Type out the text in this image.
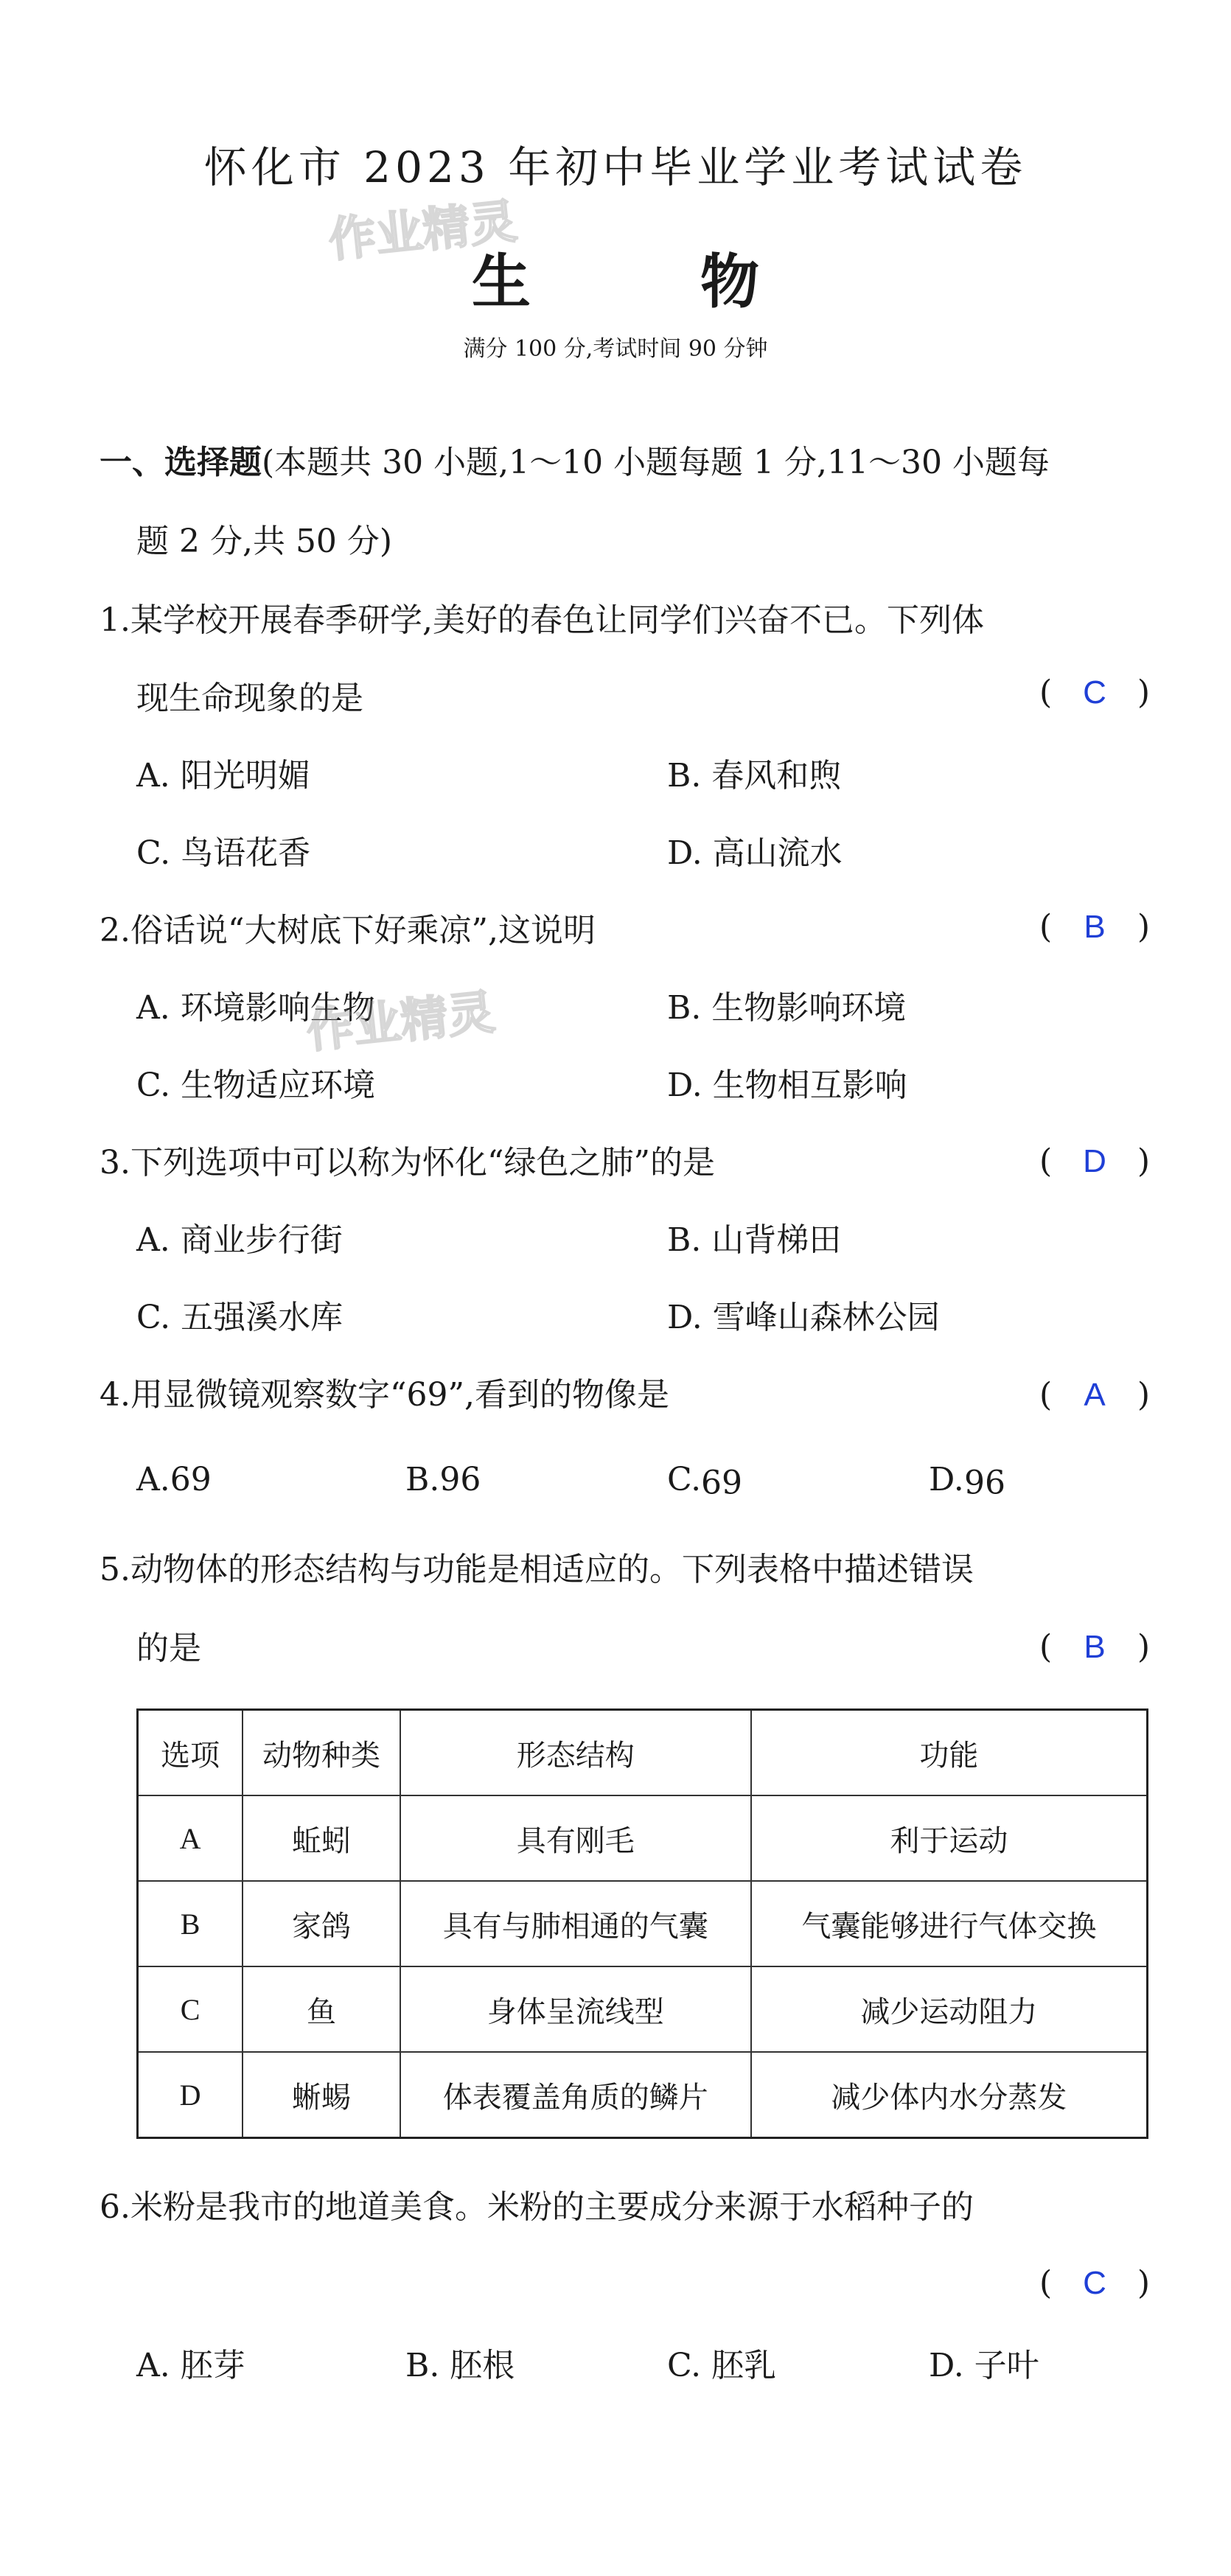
怀化市 2023 年初中毕业学业考试试卷
作业精灵
生	物
满分 100 分,考试时间 90 分钟
一、选择题(本题共 30 小题,1～10 小题每题 1 分,11～30 小题每
题 2 分,共 50 分)
1.某学校开展春季研学,美好的春色让同学们兴奋不已。下列体
现生命现象的是	( C )
A. 阳光明媚	B. 春风和煦
C. 鸟语花香	D. 高山流水
2.俗话说“大树底下好乘凉”,这说明	( B )
A. 环境影响生物
作业精灵	B. 生物影响环境
C. 生物适应环境	D. 生物相互影响
3.下列选项中可以称为怀化“绿色之肺”的是	( D )
A. 商业步行街	B. 山背梯田
C. 五强溪水库	D. 雪峰山森林公园
4.用显微镜观察数字“69”,看到的物像是	( A )
A.69	B.96	C.69	D.96
5.动物体的形态结构与功能是相适应的。下列表格中描述错误
的是	( B )
选项	动物种类	形态结构	功能
A	蚯蚓	具有刚毛	利于运动
B	家鸽	具有与肺相通的气囊	气囊能够进行气体交换
C	鱼	身体呈流线型	减少运动阻力
D	蜥蜴	体表覆盖角质的鳞片	减少体内水分蒸发
6.米粉是我市的地道美食。米粉的主要成分来源于水稻种子的
( C )
A. 胚芽	B. 胚根	C. 胚乳	D. 子叶
